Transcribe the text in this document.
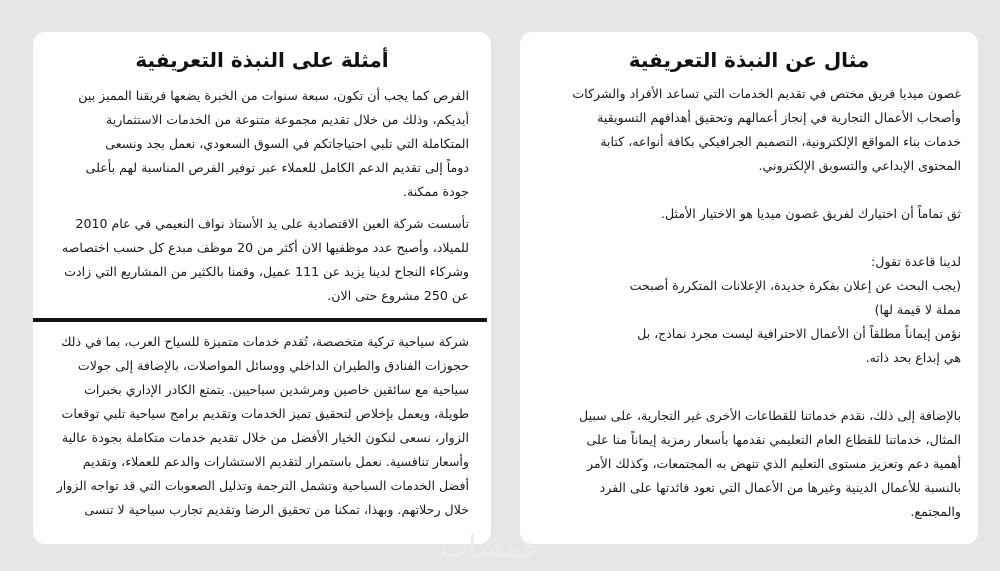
أمثلة على النبذة التعريفية
الفرص كما يجب أن تكون، سبعة سنوات من الخبرة يضعها فريقنا المميز بين
أيديكم، وذلك من خلال تقديم مجموعة متنوعة من الخدمات الاستثمارية
المتكاملة التي تلبي احتياجاتكم في السوق السعودي، نعمل بجد ونسعى
دوماً إلى تقديم الدعم الكامل للعملاء عبر توفير الفرص المناسبة لهم بأعلى
جودة ممكنة.
تأسست شركة العين الاقتصادية على يد الأستاذ نواف النعيمي في عام 2010
للميلاد، وأصبح عدد موظفيها الان أكثر من 20 موظف مبدع كل حسب اختصاصه
وشركاء النجاح لدينا يزيد عن 111 عميل، وقمنا بالكثير من المشاريع التي زادت
عن 250 مشروع حتى الان.
شركة سياحية تركية متخصصة، تُقدم خدمات متميزة للسياح العرب، بما في ذلك
حجوزات الفنادق والطيران الداخلي ووسائل المواصلات، بالإضافة إلى جولات
سياحية مع سائقين خاصين ومرشدين سياحيين. يتمتع الكادر الإداري بخبرات
طويلة، ويعمل بإخلاص لتحقيق تميز الخدمات وتقديم برامج سياحية تلبي توقعات
الزوار، نسعى لنكون الخيار الأفضل من خلال تقديم خدمات متكاملة بجودة عالية
وأسعار تنافسية. نعمل باستمرار لتقديم الاستشارات والدعم للعملاء، وتقديم
أفضل الخدمات السياحية وتشمل الترجمة وتذليل الصعوبات التي قد تواجه الزوار
خلال رحلاتهم. وبهذا، تمكنا من تحقيق الرضا وتقديم تجارب سياحية لا تنسى
مثال عن النبذة التعريفية
غصون ميديا فريق مختص في تقديم الخدمات التي تساعد الأفراد والشركات
وأصحاب الأعمال التجارية في إنجاز أعمالهم وتحقيق أهدافهم التسويقية
خدمات بناء المواقع الإلكترونية، التصميم الجرافيكي بكافة أنواعه، كتابة
المحتوى الإبداعي والتسويق الإلكتروني.
ثق تماماً أن اختيارك لفريق غصون ميديا هو الاختيار الأمثل.
لدينا قاعدة تقول:
(يجب البحث عن إعلان بفكرة جديدة، الإعلانات المتكررة أصبحت
مملة لا قيمة لها)
نؤمن إيماناً مطلقاً أن الأعمال الاحترافية ليست مجرد نماذج، بل
هي إبداع بحد ذاته.
بالإضافة إلى ذلك، نقدم خدماتنا للقطاعات الأخرى غير التجارية، على سبيل
المثال، خدماتنا للقطاع العام التعليمي نقدمها بأسعار رمزية إيماناً منا على
أهمية دعم وتعزيز مستوى التعليم الذي تنهض به المجتمعات، وكذلك الأمر
بالنسبة للأعمال الدينية وغيرها من الأعمال التي تعود فائدتها على الفرد
والمجتمع.
خمسات
